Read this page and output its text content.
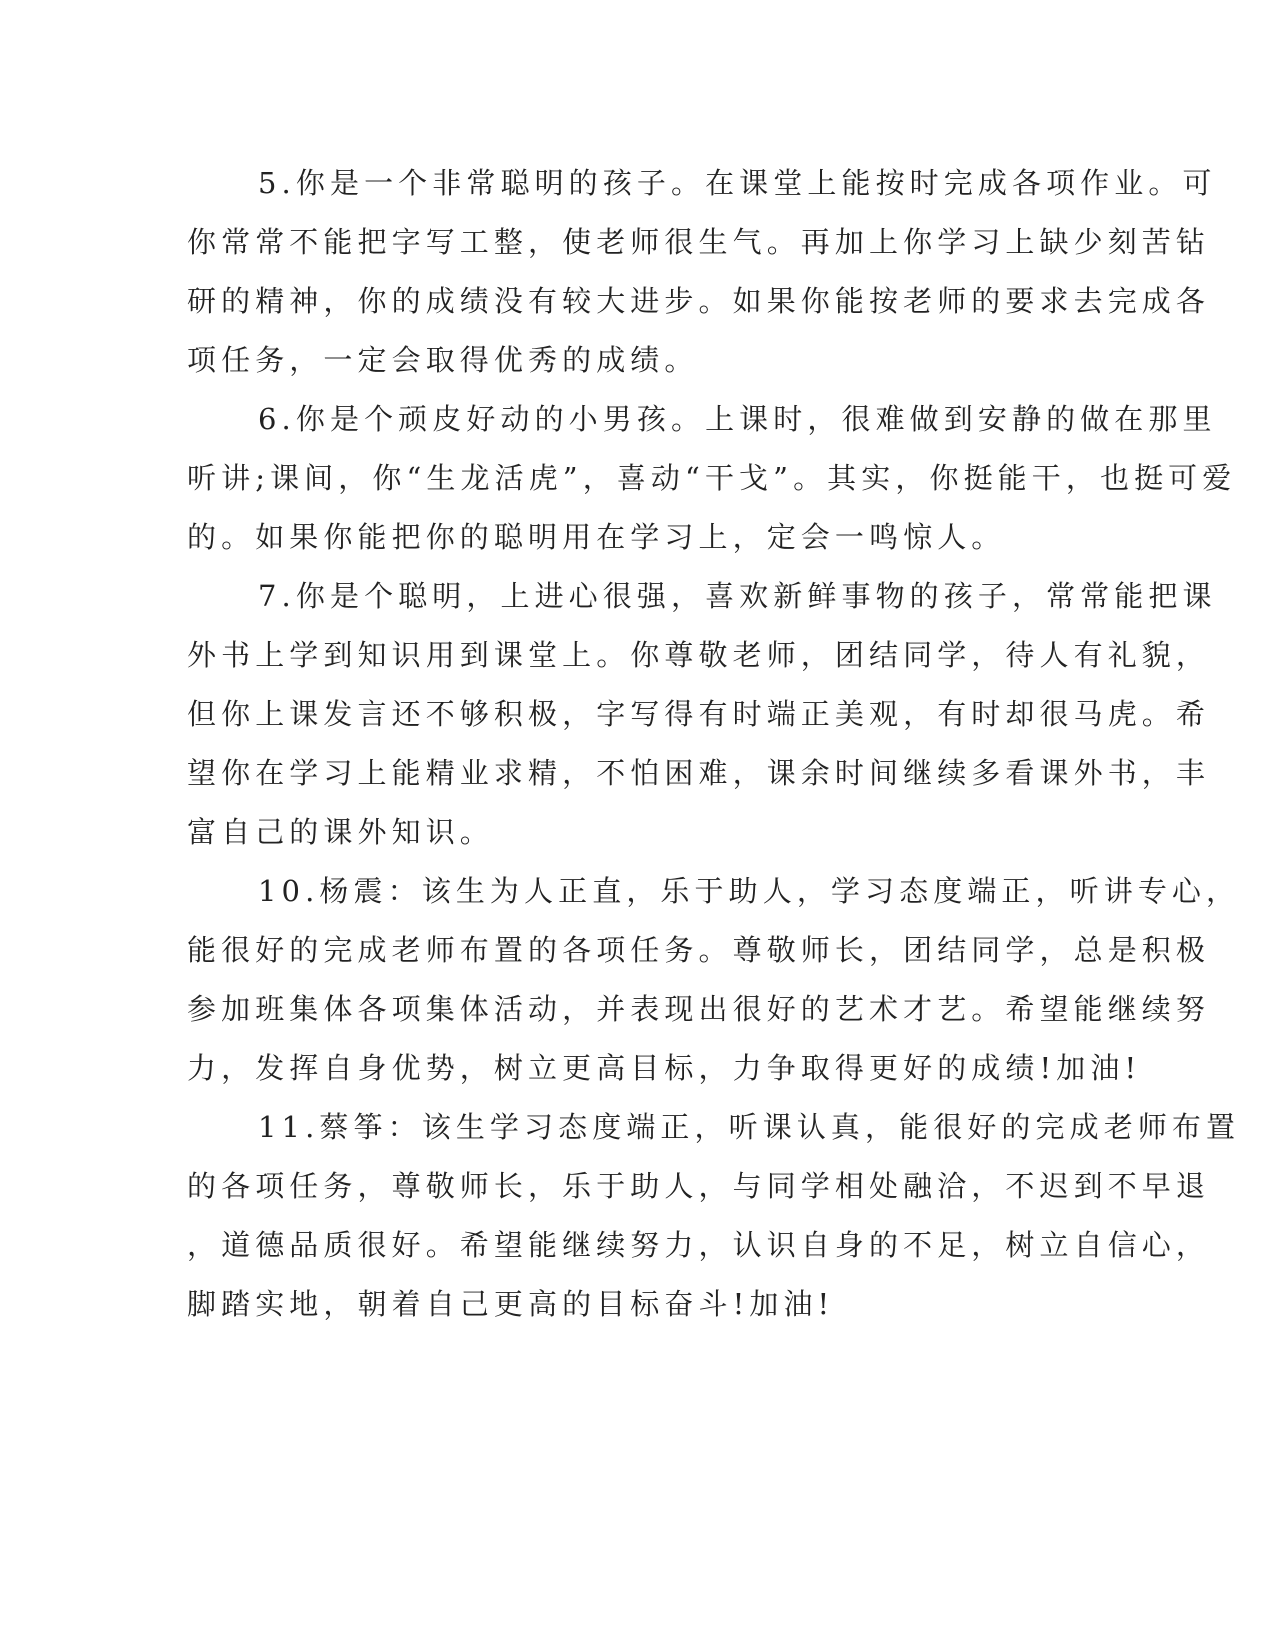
5.你是一个非常聪明的孩子。在课堂上能按时完成各项作业。可
你常常不能把字写工整，使老师很生气。再加上你学习上缺少刻苦钻
研的精神，你的成绩没有较大进步。如果你能按老师的要求去完成各
项任务，一定会取得优秀的成绩。
6.你是个顽皮好动的小男孩。上课时，很难做到安静的做在那里
听讲;课间，你“生龙活虎”，喜动“干戈”。其实，你挺能干，也挺可爱
的。如果你能把你的聪明用在学习上，定会一鸣惊人。
7.你是个聪明，上进心很强，喜欢新鲜事物的孩子，常常能把课
外书上学到知识用到课堂上。你尊敬老师，团结同学，待人有礼貌，
但你上课发言还不够积极，字写得有时端正美观，有时却很马虎。希
望你在学习上能精业求精，不怕困难，课余时间继续多看课外书，丰
富自己的课外知识。
10.杨震：该生为人正直，乐于助人，学习态度端正，听讲专心，
能很好的完成老师布置的各项任务。尊敬师长，团结同学，总是积极
参加班集体各项集体活动，并表现出很好的艺术才艺。希望能继续努
力，发挥自身优势，树立更高目标，力争取得更好的成绩!加油!
11.蔡筝：该生学习态度端正，听课认真，能很好的完成老师布置
的各项任务，尊敬师长，乐于助人，与同学相处融洽，不迟到不早退
，道德品质很好。希望能继续努力，认识自身的不足，树立自信心，
脚踏实地，朝着自己更高的目标奋斗!加油!
